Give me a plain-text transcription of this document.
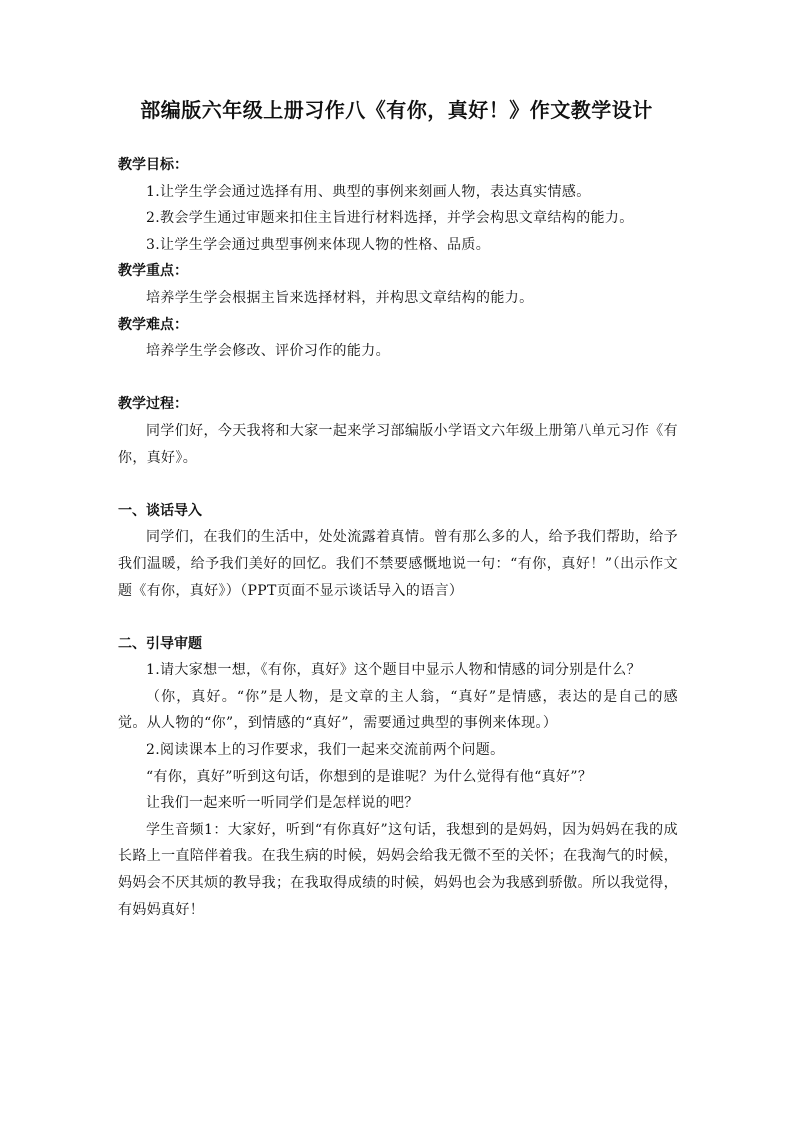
部编版六年级上册习作八《有你，真好！》作文教学设计

教学目标：

1.让学生学会通过选择有用、典型的事例来刻画人物，表达真实情感。

2.教会学生通过审题来扣住主旨进行材料选择，并学会构思文章结构的能力。

3.让学生学会通过典型事例来体现人物的性格、品质。

教学重点：

培养学生学会根据主旨来选择材料，并构思文章结构的能力。

教学难点：

培养学生学会修改、评价习作的能力。

教学过程：

同学们好，今天我将和大家一起来学习部编版小学语文六年级上册第八单元习作《有你，真好》。

一、谈话导入

同学们，在我们的生活中，处处流露着真情。曾有那么多的人，给予我们帮助，给予我们温暖，给予我们美好的回忆。我们不禁要感慨地说一句：“有你，真好！”（出示作文题《有你，真好》）（PPT页面不显示谈话导入的语言）

二、引导审题

1.请大家想一想，《有你，真好》这个题目中显示人物和情感的词分别是什么？

（你，真好。“你”是人物，是文章的主人翁，“真好”是情感，表达的是自己的感觉。从人物的“你”，到情感的“真好”，需要通过典型的事例来体现。）

2.阅读课本上的习作要求，我们一起来交流前两个问题。

“有你，真好”听到这句话，你想到的是谁呢？为什么觉得有他“真好”？

让我们一起来听一听同学们是怎样说的吧？

学生音频1：大家好，听到“有你真好”这句话，我想到的是妈妈，因为妈妈在我的成长路上一直陪伴着我。在我生病的时候，妈妈会给我无微不至的关怀；在我淘气的时候，妈妈会不厌其烦的教导我；在我取得成绩的时候，妈妈也会为我感到骄傲。所以我觉得，有妈妈真好！
